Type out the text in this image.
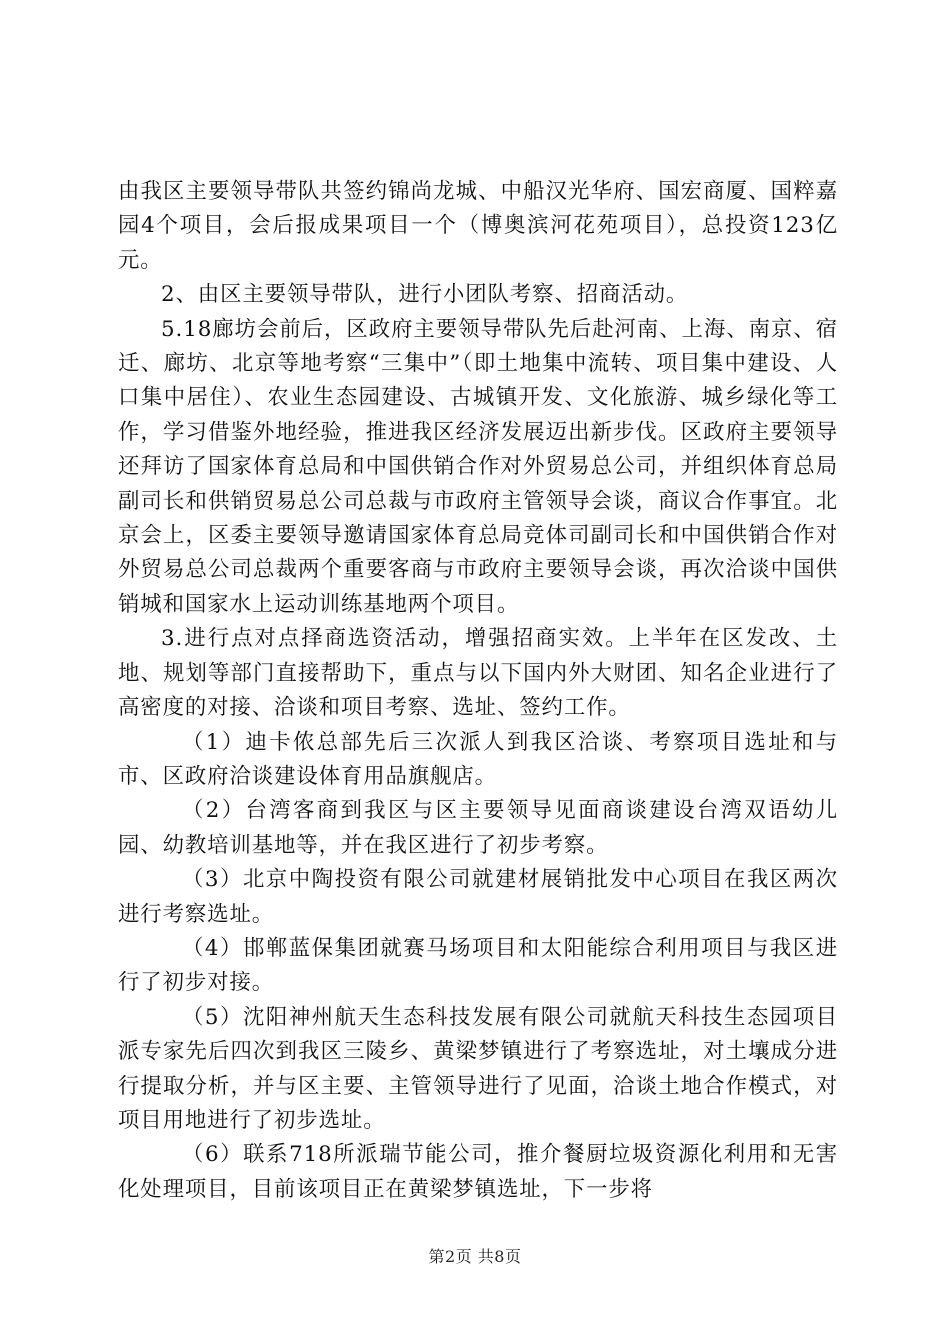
由我区主要领导带队共签约锦尚龙城、中船汉光华府、国宏商厦、国粹嘉园4个项目，会后报成果项目一个（博奥滨河花苑项目），总投资123亿元。

2、由区主要领导带队，进行小团队考察、招商活动。

5.18廊坊会前后，区政府主要领导带队先后赴河南、上海、南京、宿迁、廊坊、北京等地考察“三集中”（即土地集中流转、项目集中建设、人口集中居住）、农业生态园建设、古城镇开发、文化旅游、城乡绿化等工作，学习借鉴外地经验，推进我区经济发展迈出新步伐。区政府主要领导还拜访了国家体育总局和中国供销合作对外贸易总公司，并组织体育总局副司长和供销贸易总公司总裁与市政府主管领导会谈，商议合作事宜。北京会上，区委主要领导邀请国家体育总局竞体司副司长和中国供销合作对外贸易总公司总裁两个重要客商与市政府主要领导会谈，再次洽谈中国供销城和国家水上运动训练基地两个项目。

3.进行点对点择商选资活动，增强招商实效。上半年在区发改、土地、规划等部门直接帮助下，重点与以下国内外大财团、知名企业进行了高密度的对接、洽谈和项目考察、选址、签约工作。

（1）迪卡侬总部先后三次派人到我区洽谈、考察项目选址和与市、区政府洽谈建设体育用品旗舰店。

（2）台湾客商到我区与区主要领导见面商谈建设台湾双语幼儿园、幼教培训基地等，并在我区进行了初步考察。

（3）北京中陶投资有限公司就建材展销批发中心项目在我区两次进行考察选址。

（4）邯郸蓝保集团就赛马场项目和太阳能综合利用项目与我区进行了初步对接。

（5）沈阳神州航天生态科技发展有限公司就航天科技生态园项目派专家先后四次到我区三陵乡、黄梁梦镇进行了考察选址，对土壤成分进行提取分析，并与区主要、主管领导进行了见面，洽谈土地合作模式，对项目用地进行了初步选址。

（6）联系718所派瑞节能公司，推介餐厨垃圾资源化利用和无害化处理项目，目前该项目正在黄梁梦镇选址，下一步将

第2页 共8页
